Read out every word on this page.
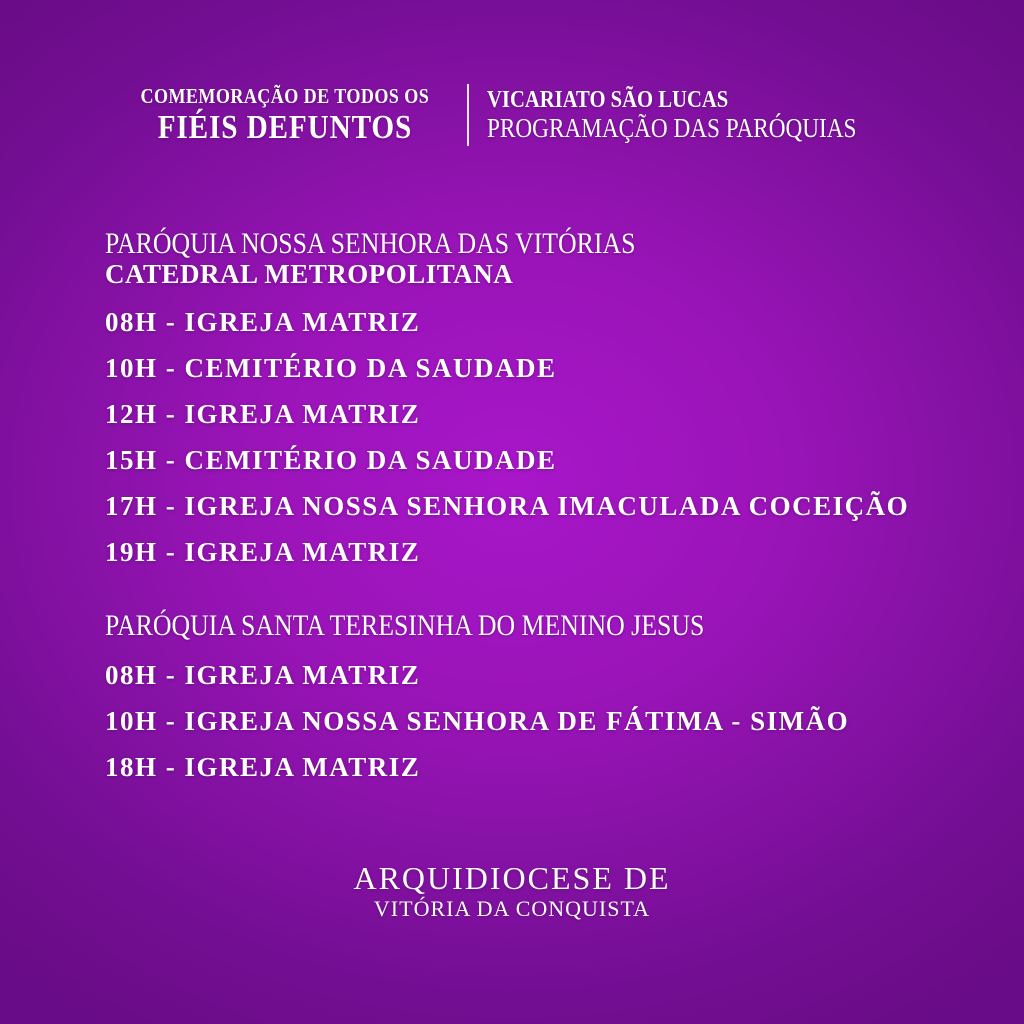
COMEMORAÇÃO DE TODOS OS
FIÉIS DEFUNTOS
VICARIATO SÃO LUCAS
PROGRAMAÇÃO DAS PARÓQUIAS
PARÓQUIA NOSSA SENHORA DAS VITÓRIAS
CATEDRAL METROPOLITANA
08H - IGREJA MATRIZ
10H - CEMITÉRIO DA SAUDADE
12H - IGREJA MATRIZ
15H - CEMITÉRIO DA SAUDADE
17H - IGREJA NOSSA SENHORA IMACULADA COCEIÇÃO
19H - IGREJA MATRIZ
PARÓQUIA SANTA TERESINHA DO MENINO JESUS
08H - IGREJA MATRIZ
10H - IGREJA NOSSA SENHORA DE FÁTIMA - SIMÃO
18H - IGREJA MATRIZ
ARQUIDIOCESE DE
VITÓRIA DA CONQUISTA
